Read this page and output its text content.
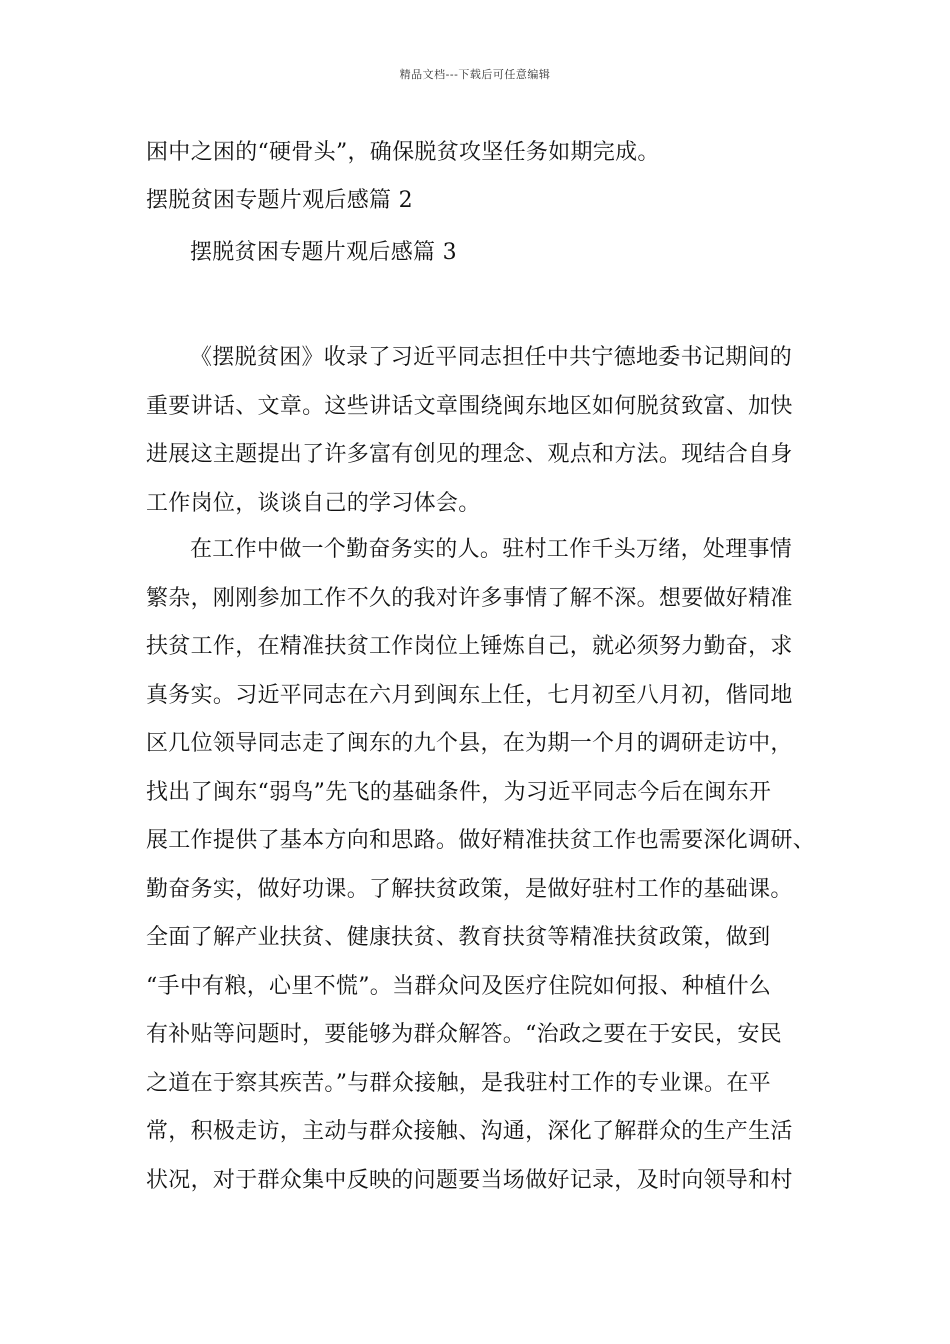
精品文档---下载后可任意编辑
困中之困的“硬骨头”，确保脱贫攻坚任务如期完成。
摆脱贫困专题片观后感篇 2
摆脱贫困专题片观后感篇 3
《摆脱贫困》收录了习近平同志担任中共宁德地委书记期间的
重要讲话、文章。这些讲话文章围绕闽东地区如何脱贫致富、加快
进展这主题提出了许多富有创见的理念、观点和方法。现结合自身
工作岗位，谈谈自己的学习体会。
在工作中做一个勤奋务实的人。驻村工作千头万绪，处理事情
繁杂，刚刚参加工作不久的我对许多事情了解不深。想要做好精准
扶贫工作，在精准扶贫工作岗位上锤炼自己，就必须努力勤奋，求
真务实。习近平同志在六月到闽东上任，七月初至八月初，偕同地
区几位领导同志走了闽东的九个县，在为期一个月的调研走访中，
找出了闽东“弱鸟”先飞的基础条件，为习近平同志今后在闽东开
展工作提供了基本方向和思路。做好精准扶贫工作也需要深化调研、
勤奋务实，做好功课。了解扶贫政策，是做好驻村工作的基础课。
全面了解产业扶贫、健康扶贫、教育扶贫等精准扶贫政策，做到
“手中有粮，心里不慌”。当群众问及医疗住院如何报、种植什么
有补贴等问题时，要能够为群众解答。“治政之要在于安民，安民
之道在于察其疾苦。”与群众接触，是我驻村工作的专业课。在平
常，积极走访，主动与群众接触、沟通，深化了解群众的生产生活
状况，对于群众集中反映的问题要当场做好记录，及时向领导和村
